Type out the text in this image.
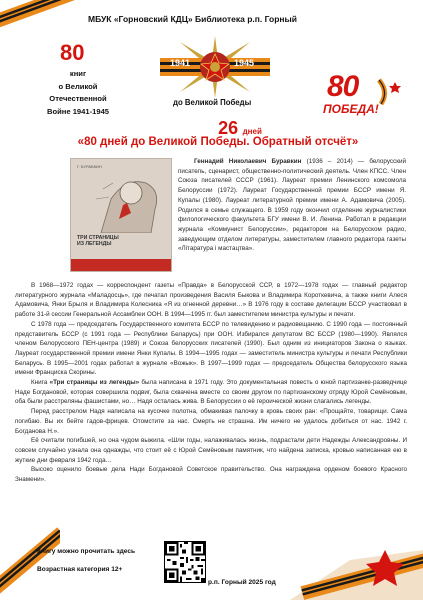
МБУК «Горновский КДЦ» Библиотека р.п. Горный
80
книг
о Великой
Отечественной
Войне 1941-1945
1941	1945
до Великой Победы	80
ПОБЕДА!
26 дней
«80 дней до Великой Победы. Обратный отсчёт»
Г. БУРАВКИН
ТРИ СТРАНИЦЫ
ИЗ ЛЕГЕНДЫ

Геннадий Николаевич Буравкин (1936 – 2014) — белорусский писатель, сценарист, общественно-политический деятель. Член КПСС. Член Союза писателей СССР (1961). Лауреат премии Ленинского комсомола Белоруссии (1972). Лауреат Государственной премии БССР имени Я. Купалы (1980). Лауреат литературной премии имени А. Адамовича (2005). Родился в семье служащего. В 1959 году окончил отделение журналистики филологического факультета БГУ имени В. И. Ленина. Работал в редакции журнала «Коммунист Белоруссии», редактором на Белорусском радио, заведующим отделом литературы, заместителем главного редактора газеты «Літаратура і мастацтва».

В 1968—1972 годах — корреспондент газеты «Правда» в Белорусской ССР, в 1972—1978 годах — главный редактор литературного журнала «Маладосць», где печатал произведения Василя Быкова и Владимира Короткевича, а также книги Алеся Адамовича, Янки Брыля и Владимира Колесника «Я из огненной деревни…» В 1976 году в составе делегации БССР участвовал в работе 31-й сессии Генеральной Ассамблеи ООН. В 1994—1995 гг. был заместителем министра культуры и печати.

С 1978 года — председатель Государственного комитета БССР по телевидению и радиовещанию. С 1990 года — постоянный представитель БССР (с 1991 года — Республики Беларусь) при ООН. Избирался депутатом ВС БССР (1980—1990). Являлся членом Белорусского ПЕН-центра (1989) и Союза белорусских писателей (1990). Был одним из инициаторов Закона о языках. Лауреат государственной премии имени Янки Купалы. В 1994—1995 годах — заместитель министра культуры и печати Республики Беларусь. В 1995—2001 годах работал в журнале «Вожык». В 1997—1999 годах — председатель Общества белорусского языка имени Франциска Скорины.

Книга «Три страницы из легенды» была написана в 1971 году. Это документальная повесть о юной партизанке-разведчице Наде Богдановой, которая совершила подвиг, была схвачена вместе со своим другом по партизанскому отряду Юрой Семёновым, оба были расстреляны фашистами, но… Надя осталась жива. В Белоруссии о её героической жизни слагались легенды.

Перед расстрелом Надя написала на кусочке полотна, обмакивая палочку в кровь своих ран: «Прощайте, товарищи. Сама погибаю. Вы их бейте гадов-фрицев. Отомстите за нас. Смерть не страшна. Им ничего не удалось добиться от нас. 1942 г. Богданова Н.».

Её считали погибшей, но она чудом выжила. «Шли годы, налаживалась жизнь, подрастали дети Надежды Александровны. И совсем случайно узнала она однажды, что стоит её с Юрой Семёновым памятник, что найдена записка, кровью написанная ею в жуткие дни февраля 1942 года…

Высоко оценило боевые дела Нади Богдановой Советское правительство. Она награждена орденом боевого Красного Знамени».

Книгу можно прочитать здесь
Возрастная категория 12+
р.п. Горный 2025 год
